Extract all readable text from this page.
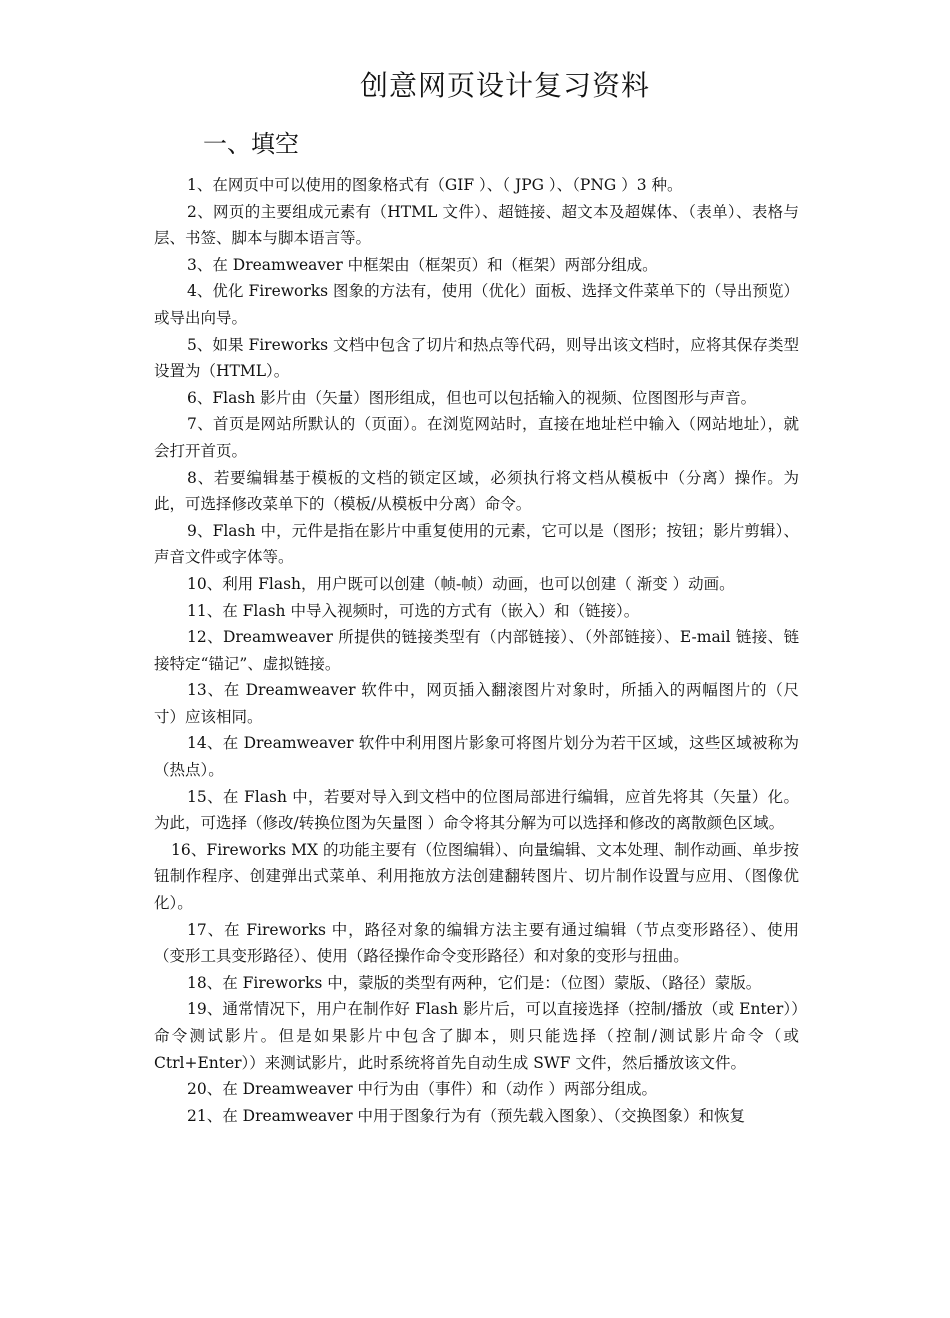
创意网页设计复习资料
一、填空
1、在网页中可以使用的图象格式有（GIF ）、（ JPG ）、（PNG ）3 种。
2、网页的主要组成元素有（HTML 文件）、超链接、超文本及超媒体、（表单）、表格与层、书签、脚本与脚本语言等。
3、在 Dreamweaver 中框架由（框架页）和（框架）两部分组成。
4、优化 Fireworks 图象的方法有，使用（优化）面板、选择文件菜单下的（导出预览）或导出向导。
5、如果 Fireworks 文档中包含了切片和热点等代码，则导出该文档时，应将其保存类型设置为（HTML）。
6、Flash 影片由（矢量）图形组成，但也可以包括输入的视频、位图图形与声音。
7、首页是网站所默认的（页面）。在浏览网站时，直接在地址栏中输入（网站地址），就会打开首页。
8、若要编辑基于模板的文档的锁定区域，必须执行将文档从模板中（分离）操作。为此，可选择修改菜单下的（模板/从模板中分离）命令。
9、Flash 中，元件是指在影片中重复使用的元素，它可以是（图形；按钮；影片剪辑）、声音文件或字体等。
10、利用 Flash，用户既可以创建（帧-帧）动画，也可以创建（ 渐变 ）动画。
11、在 Flash 中导入视频时，可选的方式有（嵌入）和（链接）。
12、Dreamweaver 所提供的链接类型有（内部链接）、（外部链接）、E-mail 链接、链接特定“锚记”、虚拟链接。
13、在 Dreamweaver 软件中，网页插入翻滚图片对象时，所插入的两幅图片的（尺寸）应该相同。
14、在 Dreamweaver 软件中利用图片影象可将图片划分为若干区域，这些区域被称为（热点）。
15、在 Flash 中，若要对导入到文档中的位图局部进行编辑，应首先将其（矢量）化。为此，可选择（修改/转换位图为矢量图 ）命令将其分解为可以选择和修改的离散颜色区域。
16、Fireworks MX 的功能主要有（位图编辑）、向量编辑、文本处理、制作动画、单步按钮制作程序、创建弹出式菜单、利用拖放方法创建翻转图片、切片制作设置与应用、（图像优化）。
17、在 Fireworks 中，路径对象的编辑方法主要有通过编辑（节点变形路径）、使用（变形工具变形路径）、使用（路径操作命令变形路径）和对象的变形与扭曲。
18、在 Fireworks 中，蒙版的类型有两种，它们是：（位图）蒙版、（路径）蒙版。
19、通常情况下，用户在制作好 Flash 影片后，可以直接选择（控制/播放（或 Enter））命令测试影片。但是如果影片中包含了脚本，则只能选择（控制/测试影片命令（或 Ctrl+Enter））来测试影片，此时系统将首先自动生成 SWF 文件，然后播放该文件。
20、在 Dreamweaver 中行为由（事件）和（动作 ）两部分组成。
21、在 Dreamweaver 中用于图象行为有（预先载入图象）、（交换图象）和恢复
